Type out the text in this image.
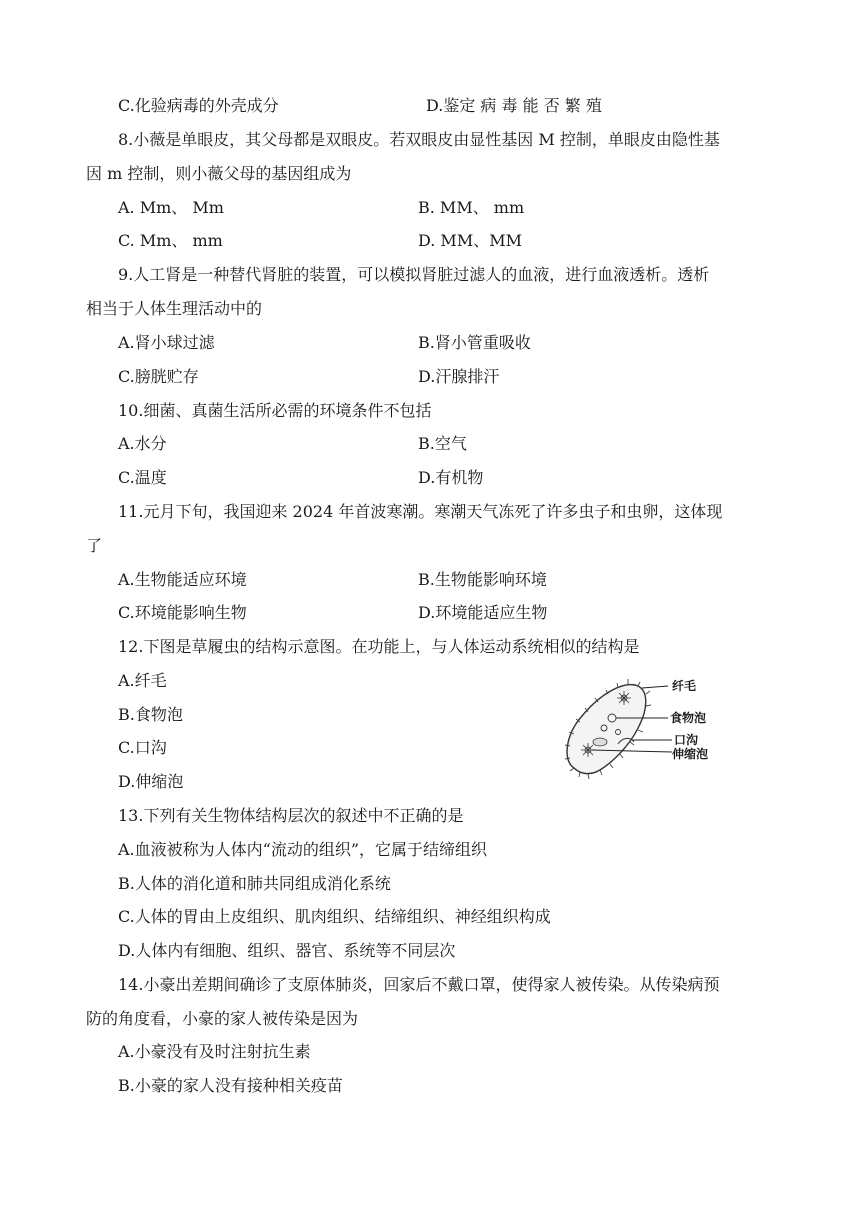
C.化验病毒的外壳成分	D.鉴定 病 毒 能 否 繁 殖
8.小薇是单眼皮，其父母都是双眼皮。若双眼皮由显性基因 M 控制，单眼皮由隐性基
因 m 控制，则小薇父母的基因组成为
A. Mm、 Mm	B. MM、 mm
C. Mm、 mm	D. MM、MM
9.人工肾是一种替代肾脏的装置，可以模拟肾脏过滤人的血液，进行血液透析。透析
相当于人体生理活动中的
A.肾小球过滤	B.肾小管重吸收
C.膀胱贮存	D.汗腺排汗
10.细菌、真菌生活所必需的环境条件不包括
A.水分	B.空气
C.温度	D.有机物
11.元月下旬，我国迎来 2024 年首波寒潮。寒潮天气冻死了许多虫子和虫卵，这体现
了
A.生物能适应环境	B.生物能影响环境
C.环境能影响生物	D.环境能适应生物
12.下图是草履虫的结构示意图。在功能上，与人体运动系统相似的结构是
A.纤毛
B.食物泡
C.口沟
D.伸缩泡
纤毛
食物泡
口沟
伸缩泡
13.下列有关生物体结构层次的叙述中不正确的是
A.血液被称为人体内“流动的组织”，它属于结缔组织
B.人体的消化道和肺共同组成消化系统
C.人体的胃由上皮组织、肌肉组织、结缔组织、神经组织构成
D.人体内有细胞、组织、器官、系统等不同层次
14.小豪出差期间确诊了支原体肺炎，回家后不戴口罩，使得家人被传染。从传染病预
防的角度看，小豪的家人被传染是因为
A.小豪没有及时注射抗生素
B.小豪的家人没有接种相关疫苗
